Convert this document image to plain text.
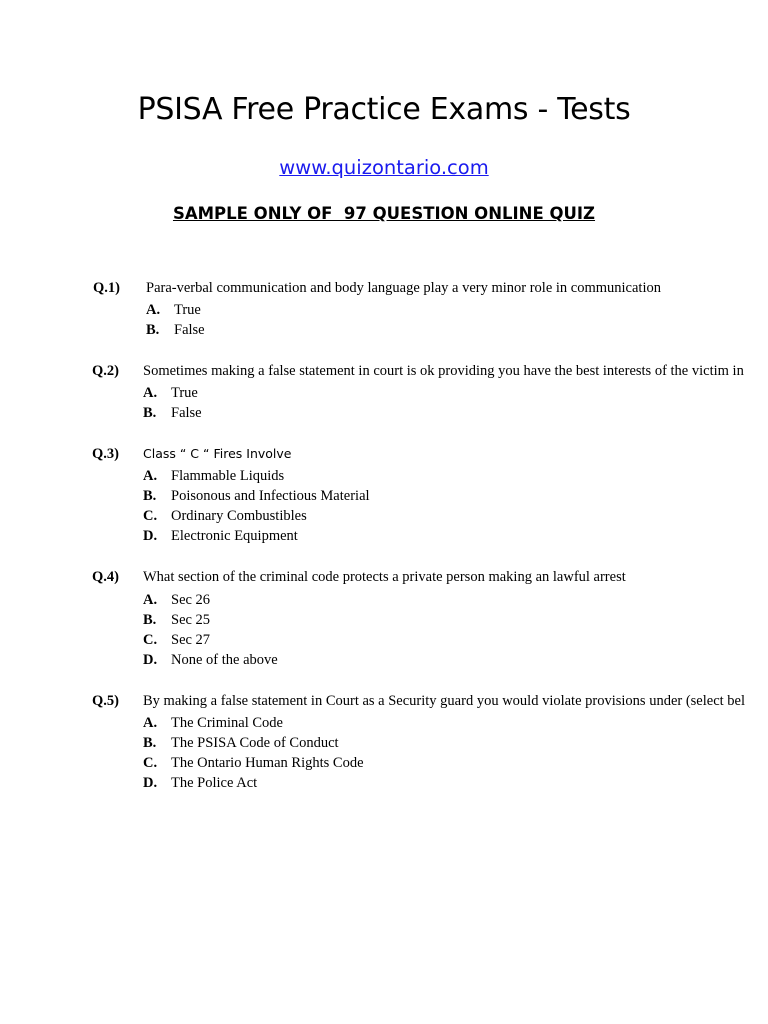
PSISA Free Practice Exams - Tests
www.quizontario.com
SAMPLE ONLY OF  97 QUESTION ONLINE QUIZ
Q.1) Para-verbal communication and body language play a very minor role in communication
A. True
B. False
Q.2) Sometimes making a false statement in court is ok providing you have the best interests of the victim in
A. True
B. False
Q.3) Class “ C “ Fires Involve
A. Flammable Liquids
B. Poisonous and Infectious Material
C. Ordinary Combustibles
D. Electronic Equipment
Q.4) What section of the criminal code protects a private person making an lawful arrest
A. Sec 26
B. Sec 25
C. Sec 27
D. None of the above
Q.5) By making a false statement in Court as a Security guard you would violate provisions under (select bel
A. The Criminal Code
B. The PSISA Code of Conduct
C. The Ontario Human Rights Code
D. The Police Act
